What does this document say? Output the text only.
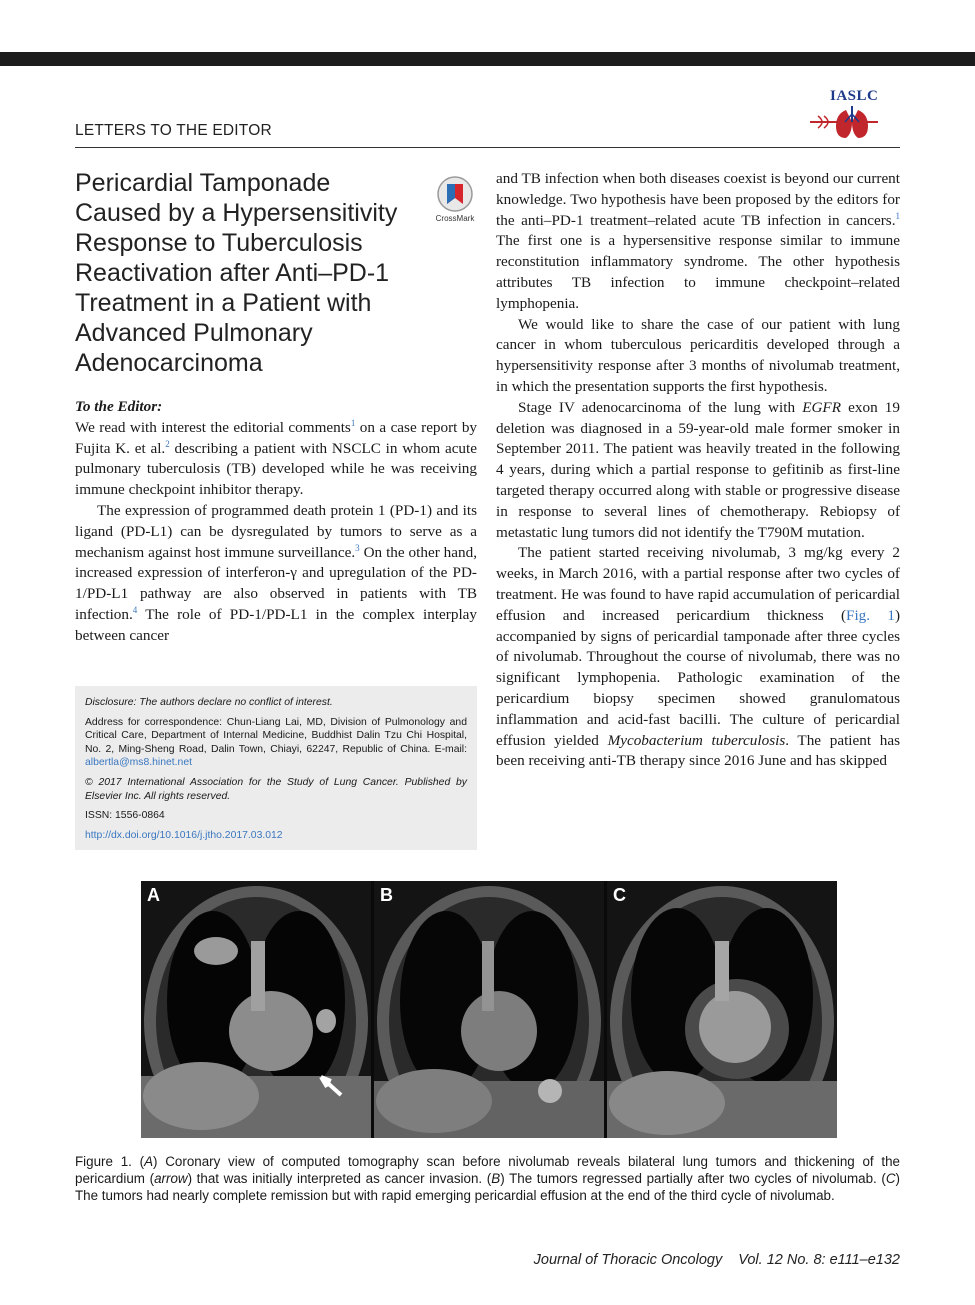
IASLC
LETTERS TO THE EDITOR
Pericardial Tamponade
Caused by a Hypersensitivity
Response to Tuberculosis
Reactivation after Anti–PD-1
Treatment in a Patient with
Advanced Pulmonary
Adenocarcinoma
CrossMark

To the Editor:

We read with interest the editorial comments$^1$ on a case report by Fujita K. et al.$^2$ describing a patient with NSCLC in whom acute pulmonary tuberculosis (TB) developed while he was receiving immune checkpoint inhibitor therapy.

The expression of programmed death protein 1 (PD-1) and its ligand (PD-L1) can be dysregulated by tumors to serve as a mechanism against host immune surveillance.$^3$ On the other hand, increased expression of interferon-γ and upregulation of the PD-1/PD-L1 pathway are also observed in patients with TB infection.$^4$ The role of PD-1/PD-L1 in the complex interplay between cancer

Disclosure: The authors declare no conflict of interest.

Address for correspondence: Chun-Liang Lai, MD, Division of Pulmonology and Critical Care, Department of Internal Medicine, Buddhist Dalin Tzu Chi Hospital, No. 2, Ming-Sheng Road, Dalin Town, Chiayi, 62247, Republic of China. E-mail: albertla@ms8.hinet.net

© 2017 International Association for the Study of Lung Cancer. Published by Elsevier Inc. All rights reserved.

ISSN: 1556-0864

http://dx.doi.org/10.1016/j.jtho.2017.03.012

and TB infection when both diseases coexist is beyond our current knowledge. Two hypothesis have been proposed by the editors for the anti–PD-1 treatment–related acute TB infection in cancers.$^1$ The first one is a hypersensitive response similar to immune reconstitution inflammatory syndrome. The other hypothesis attributes TB infection to immune checkpoint–related lymphopenia.

We would like to share the case of our patient with lung cancer in whom tuberculous pericarditis developed through a hypersensitivity response after 3 months of nivolumab treatment, in which the presentation supports the first hypothesis.

Stage IV adenocarcinoma of the lung with EGFR exon 19 deletion was diagnosed in a 59-year-old male former smoker in September 2011. The patient was heavily treated in the following 4 years, during which a partial response to gefitinib as first-line targeted therapy occurred along with stable or progressive disease in response to several lines of chemotherapy. Rebiopsy of metastatic lung tumors did not identify the T790M mutation.

The patient started receiving nivolumab, 3 mg/kg every 2 weeks, in March 2016, with a partial response after two cycles of treatment. He was found to have rapid accumulation of pericardial effusion and increased pericardium thickness (Fig. 1) accompanied by signs of pericardial tamponade after three cycles of nivolumab. Throughout the course of nivolumab, there was no significant lymphopenia. Pathologic examination of the pericardium biopsy specimen showed granulomatous inflammation and acid-fast bacilli. The culture of pericardial effusion yielded Mycobacterium tuberculosis. The patient has been receiving anti-TB therapy since 2016 June and has skipped

A	B	C

Figure 1. (A) Coronary view of computed tomography scan before nivolumab reveals bilateral lung tumors and thickening of the pericardium (arrow) that was initially interpreted as cancer invasion. (B) The tumors regressed partially after two cycles of nivolumab. (C) The tumors had nearly complete remission but with rapid emerging pericardial effusion at the end of the third cycle of nivolumab.

Journal of Thoracic Oncology Vol. 12 No. 8: e111–e132
